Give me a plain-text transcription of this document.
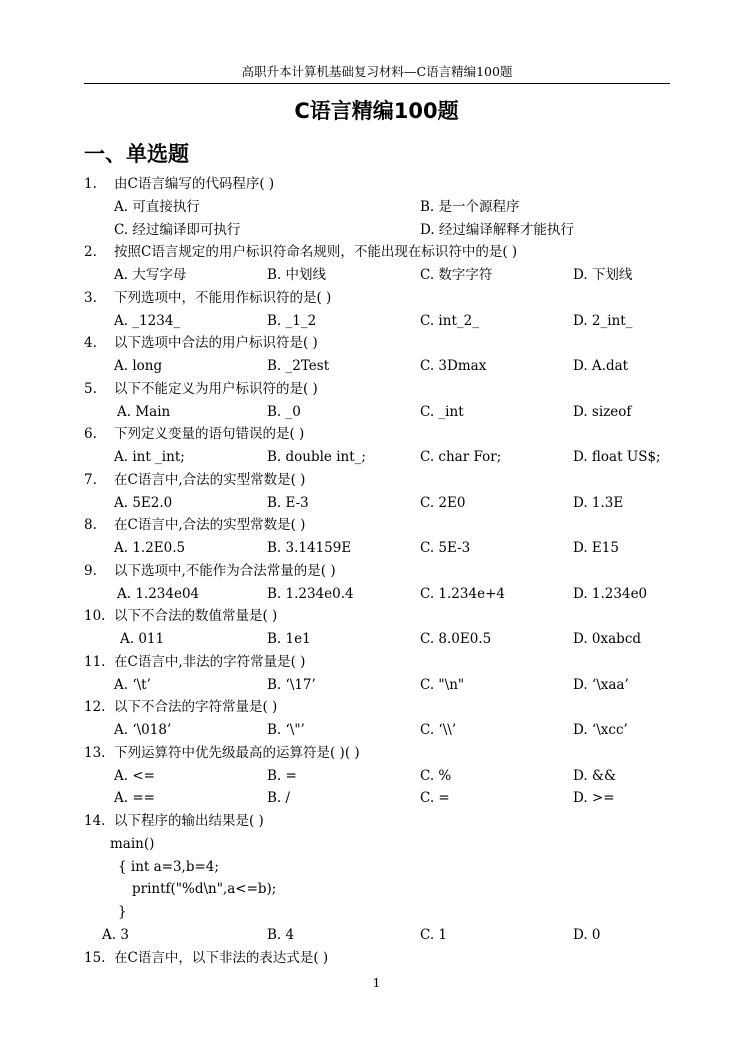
高职升本计算机基础复习材料—C语言精编100题
C语言精编100题
一、单选题
1. 由C语言编写的代码程序( )
A. 可直接执行	B. 是一个源程序
C. 经过编译即可执行	D. 经过编译解释才能执行
2. 按照C语言规定的用户标识符命名规则，不能出现在标识符中的是( )
A. 大写字母	B. 中划线	C. 数字字符	D. 下划线
3. 下列选项中，不能用作标识符的是( )
A. _1234_	B. _1_2	C. int_2_	D. 2_int_
4. 以下选项中合法的用户标识符是( )
A. long	B. _2Test	C. 3Dmax	D. A.dat
5. 以下不能定义为用户标识符的是( )
A. Main	B. _0	C. _int	D. sizeof
6. 下列定义变量的语句错误的是( )
A. int _int;	B. double int_;	C. char For;	D. float US$;
7. 在C语言中,合法的实型常数是( )
A. 5E2.0	B. E-3	C. 2E0	D. 1.3E
8. 在C语言中,合法的实型常数是( )
A. 1.2E0.5	B. 3.14159E	C. 5E-3	D. E15
9. 以下选项中,不能作为合法常量的是( )
A. 1.234e04	B. 1.234e0.4	C. 1.234e+4	D. 1.234e0
10. 以下不合法的数值常量是( )
A. 011	B. 1e1	C. 8.0E0.5	D. 0xabcd
11. 在C语言中,非法的字符常量是( )
A. ‘\t’	B. ‘\17’	C. "\n"	D. ‘\xaa’
12. 以下不合法的字符常量是( )
A. ‘\018’	B. ‘\"’	C. ‘\\’	D. ‘\xcc’
13. 下列运算符中优先级最高的运算符是( )( )
A. <=	B. =	C. %	D. &&
A. ==	B. /	C. =	D. >=
14. 以下程序的输出结果是( )
main()
{ int a=3,b=4;
printf("%d\n",a<=b);
}
A. 3	B. 4	C. 1	D. 0
15. 在C语言中，以下非法的表达式是( )
1
